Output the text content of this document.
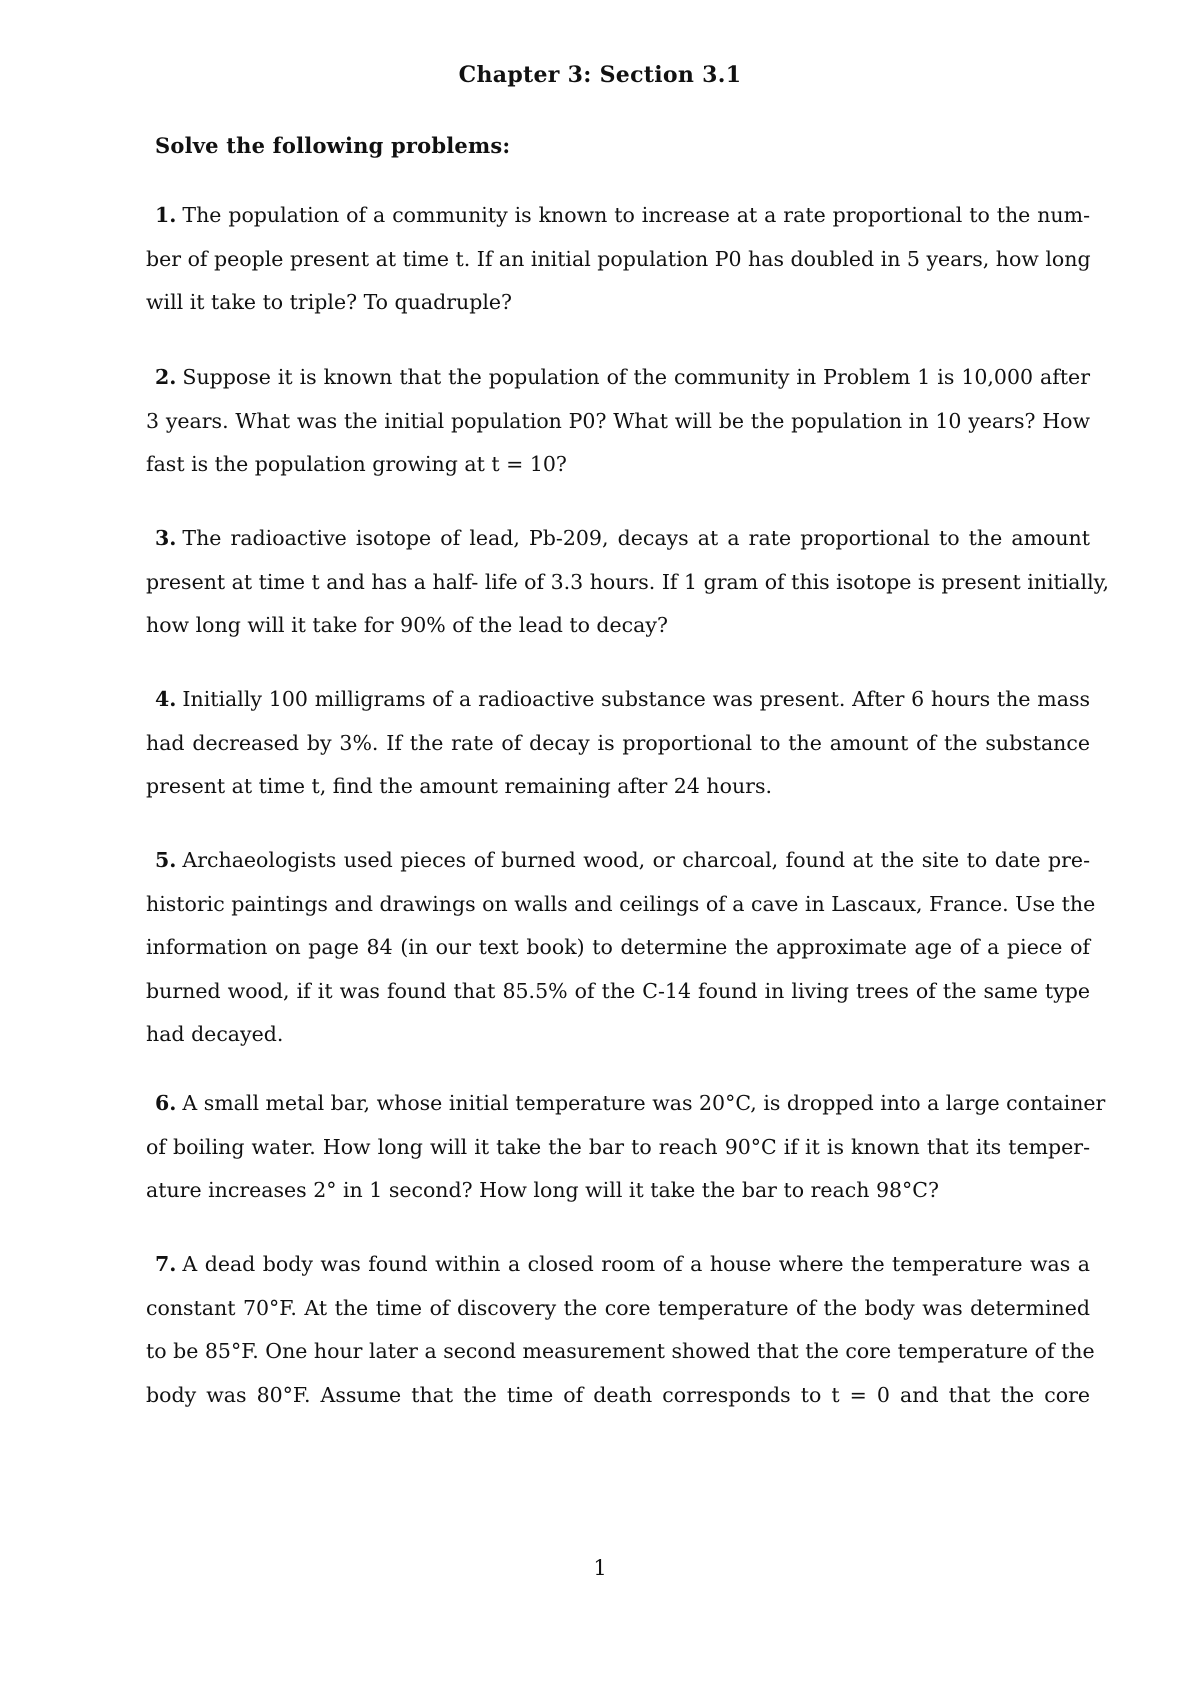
Chapter 3: Section 3.1
Solve the following problems:
1. The population of a community is known to increase at a rate proportional to the num-
ber of people present at time t. If an initial population P0 has doubled in 5 years, how long
will it take to triple? To quadruple?
2. Suppose it is known that the population of the community in Problem 1 is 10,000 after
3 years. What was the initial population P0? What will be the population in 10 years? How
fast is the population growing at t = 10?
3. The radioactive isotope of lead, Pb-209, decays at a rate proportional to the amount
present at time t and has a half- life of 3.3 hours. If 1 gram of this isotope is present initially,
how long will it take for 90% of the lead to decay?
4. Initially 100 milligrams of a radioactive substance was present. After 6 hours the mass
had decreased by 3%. If the rate of decay is proportional to the amount of the substance
present at time t, find the amount remaining after 24 hours.
5. Archaeologists used pieces of burned wood, or charcoal, found at the site to date pre-
historic paintings and drawings on walls and ceilings of a cave in Lascaux, France. Use the
information on page 84 (in our text book) to determine the approximate age of a piece of
burned wood, if it was found that 85.5% of the C-14 found in living trees of the same type
had decayed.
6. A small metal bar, whose initial temperature was 20°C, is dropped into a large container
of boiling water. How long will it take the bar to reach 90°C if it is known that its temper-
ature increases 2° in 1 second? How long will it take the bar to reach 98°C?
7. A dead body was found within a closed room of a house where the temperature was a
constant 70°F. At the time of discovery the core temperature of the body was determined
to be 85°F. One hour later a second measurement showed that the core temperature of the
body was 80°F. Assume that the time of death corresponds to t = 0 and that the core
1
